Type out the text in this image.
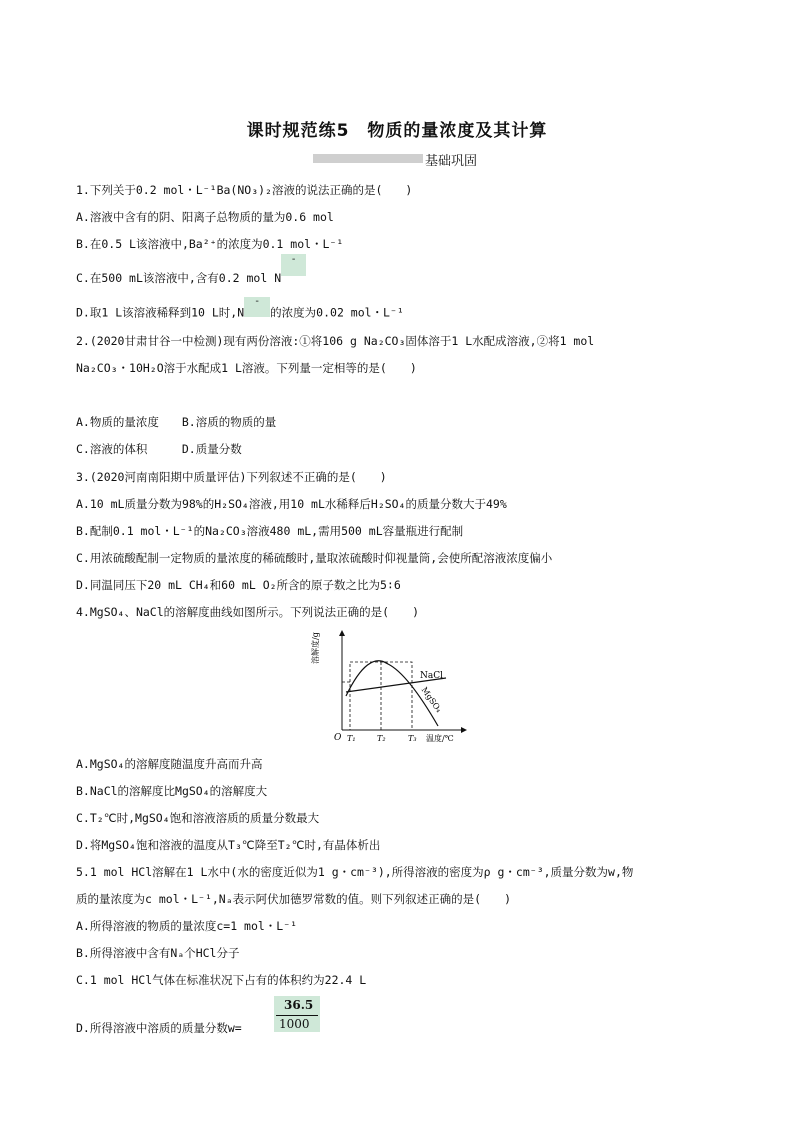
课时规范练5　物质的量浓度及其计算
基础巩固
1.下列关于0.2 mol・L⁻¹Ba(NO₃)₂溶液的说法正确的是(　　)
A.溶液中含有的阴、阳离子总物质的量为0.6 mol
B.在0.5 L该溶液中,Ba²⁺的浓度为0.1 mol・L⁻¹
C.在500 mL该溶液中,含有0.2 mol N-
D.取1 L该溶液稀释到10 L时,N-的浓度为0.02 mol・L⁻¹
2.(2020甘肃甘谷一中检测)现有两份溶液:①将106 g Na₂CO₃固体溶于1 L水配成溶液,②将1 mol
Na₂CO₃・10H₂O溶于水配成1 L溶液。下列量一定相等的是(　　)
A.物质的量浓度　　B.溶质的物质的量
C.溶液的体积　　　D.质量分数
3.(2020河南南阳期中质量评估)下列叙述不正确的是(　　)
A.10 mL质量分数为98%的H₂SO₄溶液,用10 mL水稀释后H₂SO₄的质量分数大于49%
B.配制0.1 mol・L⁻¹的Na₂CO₃溶液480 mL,需用500 mL容量瓶进行配制
C.用浓硫酸配制一定物质的量浓度的稀硫酸时,量取浓硫酸时仰视量筒,会使所配溶液浓度偏小
D.同温同压下20 mL CH₄和60 mL O₂所含的原子数之比为5∶6
4.MgSO₄、NaCl的溶解度曲线如图所示。下列说法正确的是(　　)
溶解度/g
NaCl
MgSO₄
O T₁	T₂	T₃ 温度/℃
A.MgSO₄的溶解度随温度升高而升高
B.NaCl的溶解度比MgSO₄的溶解度大
C.T₂℃时,MgSO₄饱和溶液溶质的质量分数最大
D.将MgSO₄饱和溶液的温度从T₃℃降至T₂℃时,有晶体析出
5.1 mol HCl溶解在1 L水中(水的密度近似为1 g・cm⁻³),所得溶液的密度为ρ g・cm⁻³,质量分数为w,物
质的量浓度为c mol・L⁻¹,Nₐ表示阿伏加德罗常数的值。则下列叙述正确的是(　　)
A.所得溶液的物质的量浓度c=1 mol・L⁻¹
B.所得溶液中含有Nₐ个HCl分子
C.1 mol HCl气体在标准状况下占有的体积约为22.4 L
D.所得溶液中溶质的质量分数w=
36.5
1000
